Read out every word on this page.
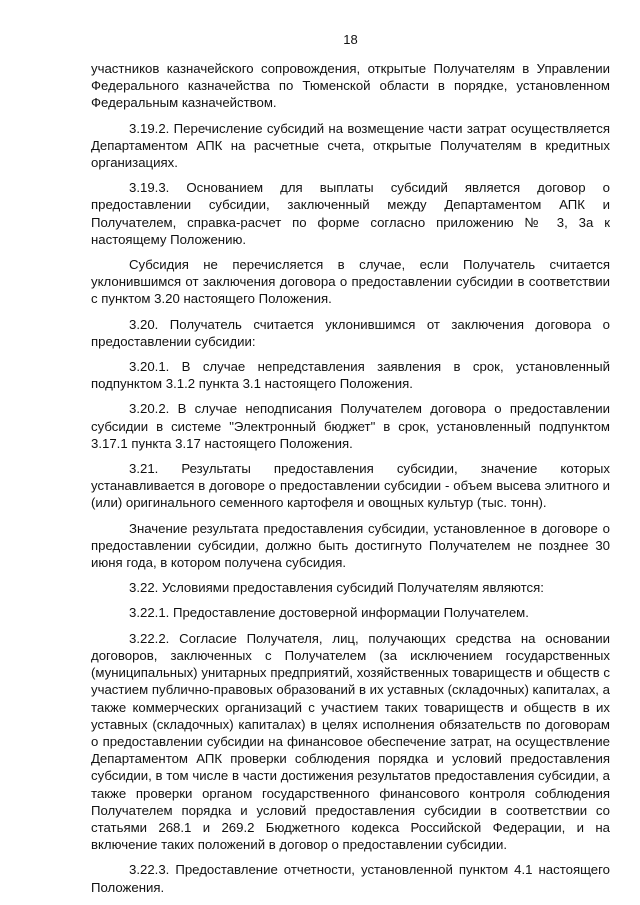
18

участников казначейского сопровождения, открытые Получателям в Управлении Федерального казначейства по Тюменской области в порядке, установленном Федеральным казначейством.

3.19.2. Перечисление субсидий на возмещение части затрат осуществляется Департаментом АПК на расчетные счета, открытые Получателям в кредитных организациях.

3.19.3. Основанием для выплаты субсидий является договор о предоставлении субсидии, заключенный между Департаментом АПК и Получателем, справка-расчет по форме согласно приложению № 3, 3а к настоящему Положению.

Субсидия не перечисляется в случае, если Получатель считается уклонившимся от заключения договора о предоставлении субсидии в соответствии с пунктом 3.20 настоящего Положения.

3.20. Получатель считается уклонившимся от заключения договора о предоставлении субсидии:

3.20.1. В случае непредставления заявления в срок, установленный подпунктом 3.1.2 пункта 3.1 настоящего Положения.

3.20.2. В случае неподписания Получателем договора о предоставлении субсидии в системе "Электронный бюджет" в срок, установленный подпунктом 3.17.1 пункта 3.17 настоящего Положения.

3.21. Результаты предоставления субсидии, значение которых устанавливается в договоре о предоставлении субсидии - объем высева элитного и (или) оригинального семенного картофеля и овощных культур (тыс. тонн).

Значение результата предоставления субсидии, установленное в договоре о предоставлении субсидии, должно быть достигнуто Получателем не позднее 30 июня года, в котором получена субсидия.

3.22. Условиями предоставления субсидий Получателям являются:

3.22.1. Предоставление достоверной информации Получателем.

3.22.2. Согласие Получателя, лиц, получающих средства на основании договоров, заключенных с Получателем (за исключением государственных (муниципальных) унитарных предприятий, хозяйственных товариществ и обществ с участием публично-правовых образований в их уставных (складочных) капиталах, а также коммерческих организаций с участием таких товариществ и обществ в их уставных (складочных) капиталах) в целях исполнения обязательств по договорам о предоставлении субсидии на финансовое обеспечение затрат, на осуществление Департаментом АПК проверки соблюдения порядка и условий предоставления субсидии, в том числе в части достижения результатов предоставления субсидии, а также проверки органом государственного финансового контроля соблюдения Получателем порядка и условий предоставления субсидии в соответствии со статьями 268.1 и 269.2 Бюджетного кодекса Российской Федерации, и на включение таких положений в договор о предоставлении субсидии.

3.22.3. Предоставление отчетности, установленной пунктом 4.1 настоящего Положения.
